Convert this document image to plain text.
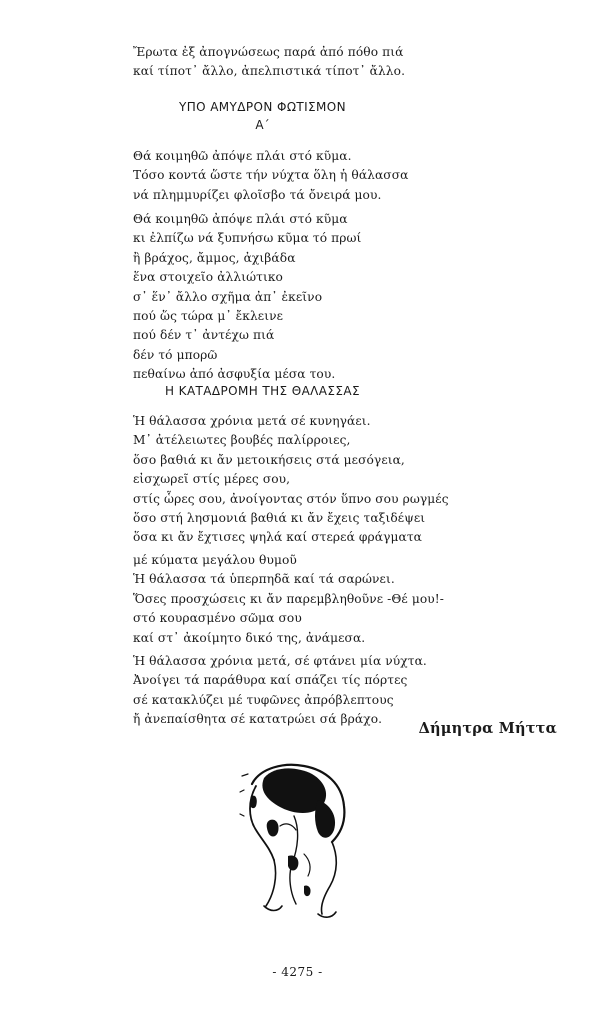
Ἔρωτα ἐξ ἀπογνώσεως παρά ἀπό πόθο πιά
καί τίποτ᾿ ἄλλο, ἀπελπιστικά τίποτ᾿ ἄλλο.
ΥΠΟ ΑΜΥΔΡΟΝ ΦΩΤΙΣΜΟΝ
Α΄
Θά κοιμηθῶ ἀπόψε πλάι στό κῦμα.
Τόσο κοντά ὥστε τήν νύχτα ὅλη ἡ θάλασσα
νά πλημμυρίζει φλοῖσβο τά ὄνειρά μου.
Θά κοιμηθῶ ἀπόψε πλάι στό κῦμα
κι ἐλπίζω νά ξυπνήσω κῦμα τό πρωί
ἢ βράχος, ἄμμος, ἀχιβάδα
ἕνα στοιχεῖο ἀλλιώτικο
σ᾿ ἕν᾿ ἄλλο σχῆμα ἀπ᾿ ἐκεῖνο
πού ὥς τώρα μ᾿ ἔκλεινε
πού δέν τ᾿ ἀντέχω πιά
δέν τό μπορῶ
πεθαίνω ἀπό ἀσφυξία μέσα του.
Η ΚΑΤΑΔΡΟΜΗ ΤΗΣ ΘΑΛΑΣΣΑΣ
Ἡ θάλασσα χρόνια μετά σέ κυνηγάει.
Μ᾿ ἀτέλειωτες βουβές παλίρροιες,
ὅσο βαθιά κι ἄν μετοικήσεις στά μεσόγεια,
εἰσχωρεῖ στίς μέρες σου,
στίς ὧρες σου, ἀνοίγοντας στόν ὕπνο σου ρωγμές
ὅσο στή λησμονιά βαθιά κι ἄν ἔχεις ταξιδέψει
ὅσα κι ἄν ἔχτισες ψηλά καί στερεά φράγματα
μέ κύματα μεγάλου θυμοῦ
Ἡ θάλασσα τά ὑπερπηδᾶ καί τά σαρώνει.
Ὅσες προσχώσεις κι ἄν παρεμβληθοῦνε -Θέ μου!-
στό κουρασμένο σῶμα σου
καί στ᾿ ἀκοίμητο δικό της, ἀνάμεσα.
Ἡ θάλασσα χρόνια μετά, σέ φτάνει μία νύχτα.
Ἀνοίγει τά παράθυρα καί σπάζει τίς πόρτες
σέ κατακλύζει μέ τυφῶνες ἀπρόβλεπτους
ἤ ἀνεπαίσθητα σέ κατατρώει σά βράχο.
Δήμητρα Μήττα
- 4275 -
